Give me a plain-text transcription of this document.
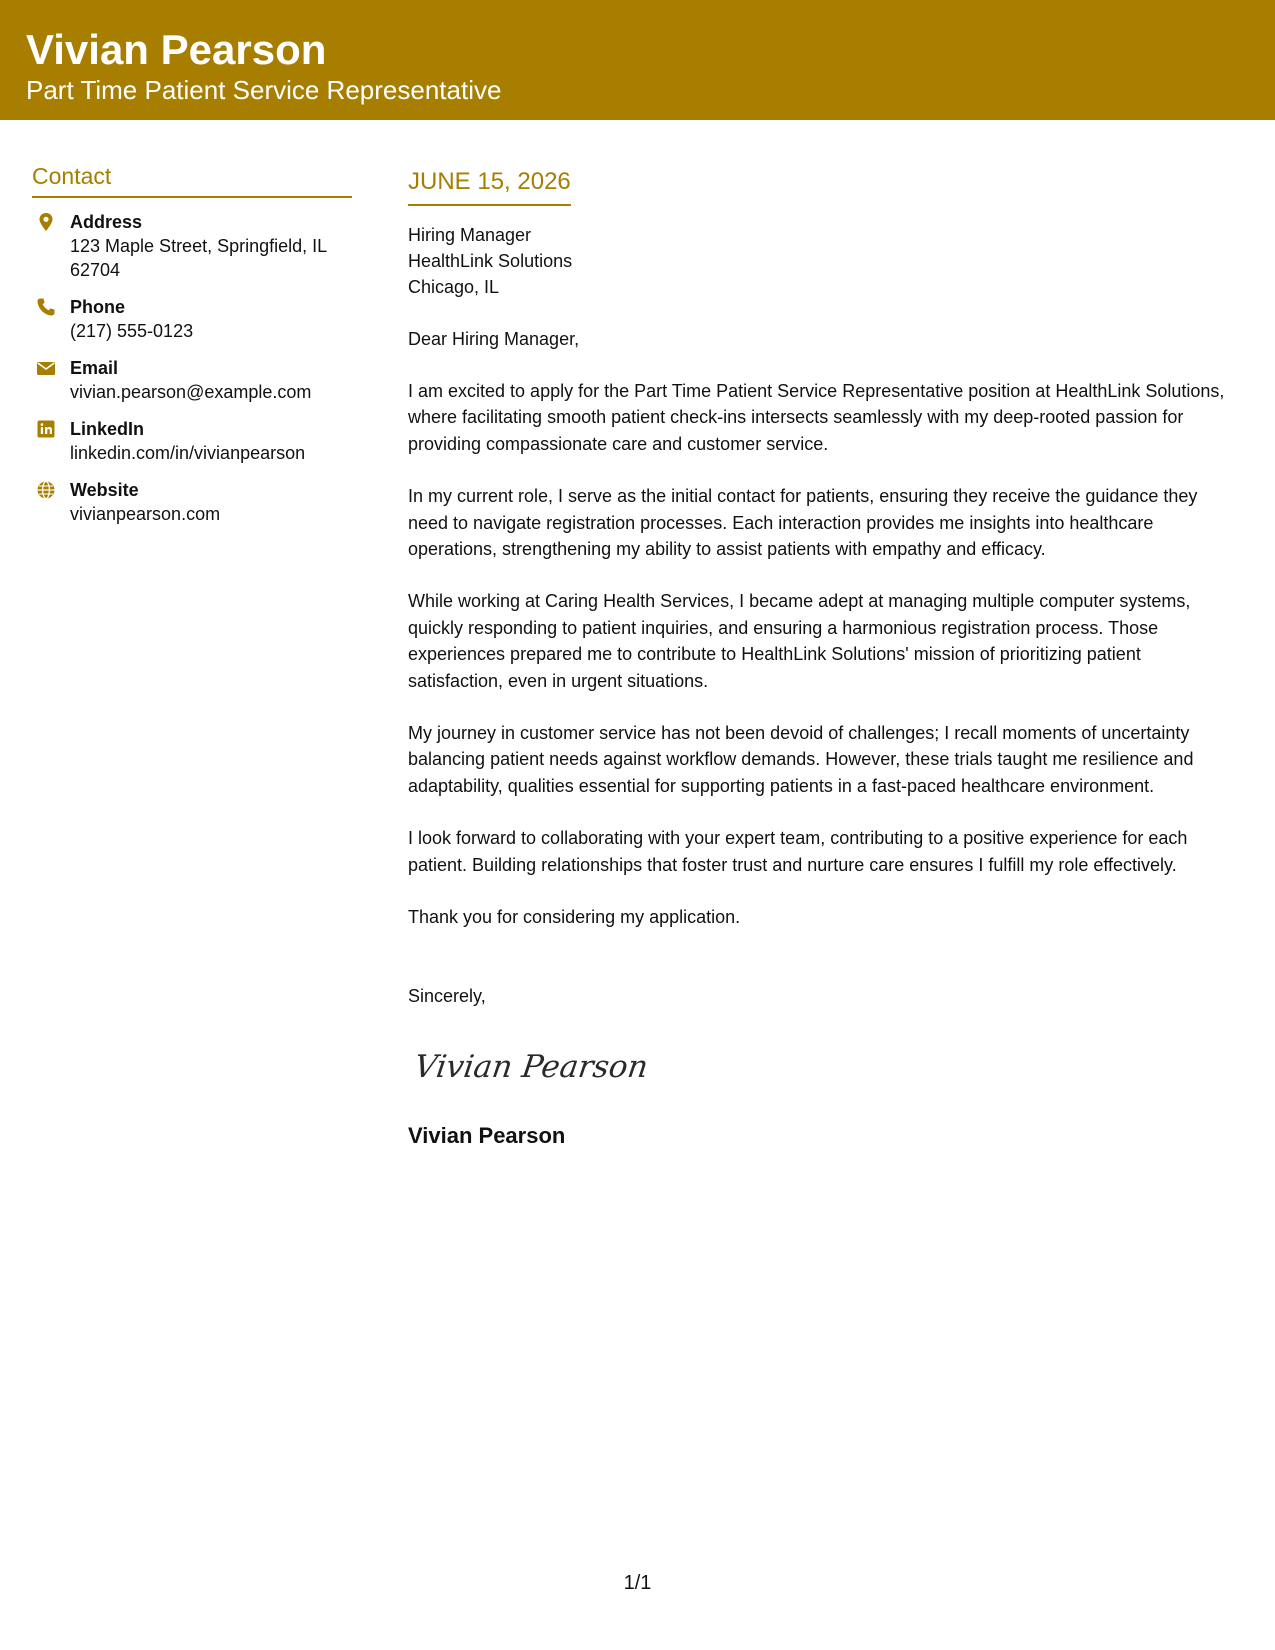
Vivian Pearson
Part Time Patient Service Representative
Contact
Address
123 Maple Street, Springfield, IL 62704
Phone
(217) 555-0123
Email
vivian.pearson@example.com
LinkedIn
linkedin.com/in/vivianpearson
Website
vivianpearson.com
JUNE 15, 2026
Hiring Manager
HealthLink Solutions
Chicago, IL
Dear Hiring Manager,
I am excited to apply for the Part Time Patient Service Representative position at HealthLink Solutions, where facilitating smooth patient check-ins intersects seamlessly with my deep-rooted passion for providing compassionate care and customer service.
In my current role, I serve as the initial contact for patients, ensuring they receive the guidance they need to navigate registration processes. Each interaction provides me insights into healthcare operations, strengthening my ability to assist patients with empathy and efficacy.
While working at Caring Health Services, I became adept at managing multiple computer systems, quickly responding to patient inquiries, and ensuring a harmonious registration process. Those experiences prepared me to contribute to HealthLink Solutions' mission of prioritizing patient satisfaction, even in urgent situations.
My journey in customer service has not been devoid of challenges; I recall moments of uncertainty balancing patient needs against workflow demands. However, these trials taught me resilience and adaptability, qualities essential for supporting patients in a fast-paced healthcare environment.
I look forward to collaborating with your expert team, contributing to a positive experience for each patient. Building relationships that foster trust and nurture care ensures I fulfill my role effectively.
Thank you for considering my application.
Sincerely,
Vivian Pearson
Vivian Pearson
1/1
